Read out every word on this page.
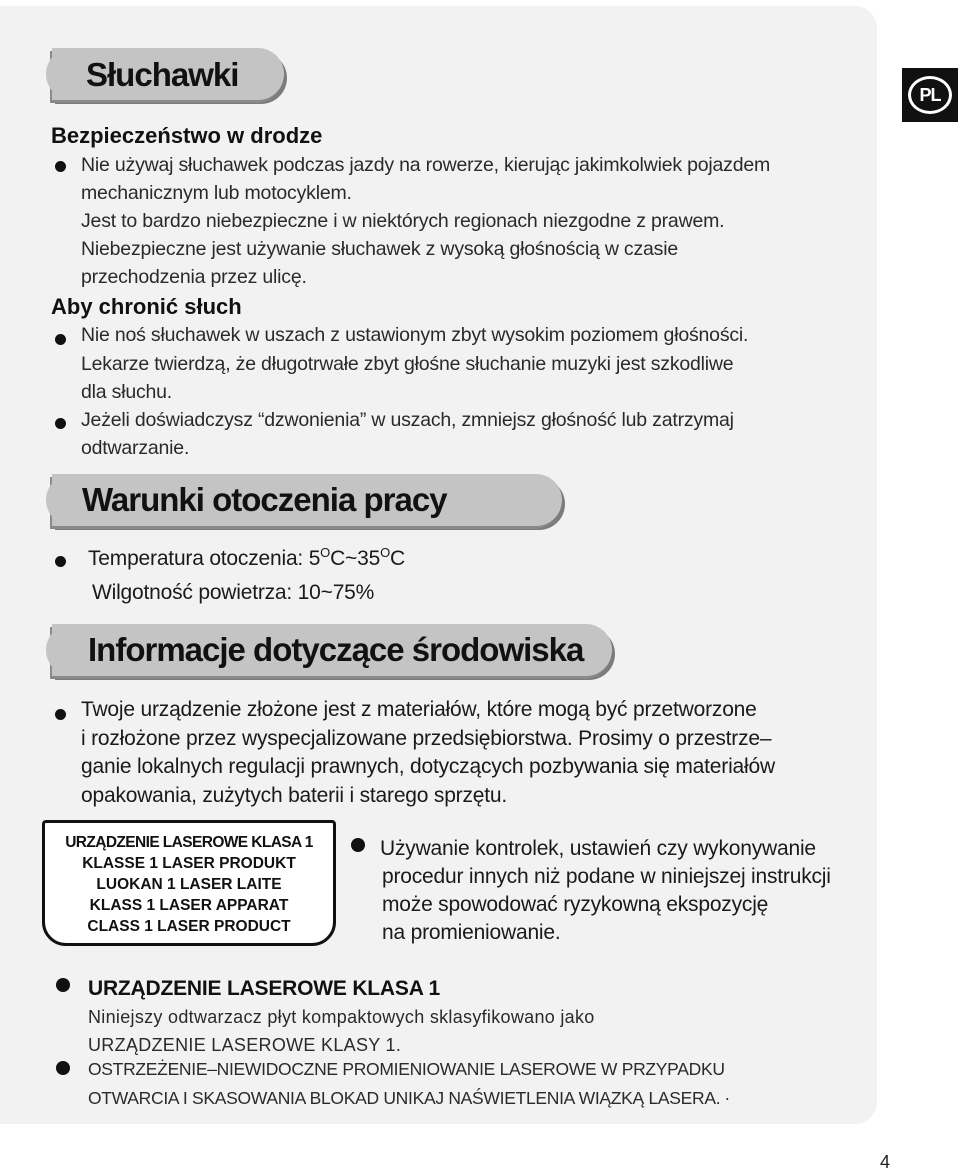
Słuchawki
PL
Bezpieczeństwo w drodze
Nie używaj słuchawek podczas jazdy na rowerze, kierując jakimkolwiek pojazdem
mechanicznym lub motocyklem.
Jest to bardzo niebezpieczne i w niektórych regionach niezgodne z prawem.
Niebezpieczne jest używanie słuchawek z wysoką głośnością w czasie
przechodzenia przez ulicę.
Aby chronić słuch
Nie noś słuchawek w uszach z ustawionym zbyt wysokim poziomem głośności.
Lekarze twierdzą, że długotrwałe zbyt głośne słuchanie muzyki jest szkodliwe
dla słuchu.
Jeżeli doświadczysz “dzwonienia” w uszach, zmniejsz głośność lub zatrzymaj
odtwarzanie.
Warunki otoczenia pracy
Temperatura otoczenia: $5^OC\sim 35^OC$
Wilgotność powietrza: 10~75%
Informacje dotyczące środowiska
Twoje urządzenie złożone jest z materiałów, które mogą być przetworzone
i rozłożone przez wyspecjalizowane przedsiębiorstwa. Prosimy o przestrze–
ganie lokalnych regulacji prawnych, dotyczących pozbywania się materiałów
opakowania, zużytych baterii i starego sprzętu.
URZĄDZENIE LASEROWE KLASA 1
KLASSE 1 LASER PRODUKT
LUOKAN 1 LASER LAITE
KLASS 1 LASER APPARAT
CLASS 1 LASER PRODUCT
Używanie kontrolek, ustawień czy wykonywanie
procedur innych niż podane w niniejszej instrukcji
może spowodować ryzykowną ekspozycję
na promieniowanie.
URZĄDZENIE LASEROWE KLASA 1
Niniejszy odtwarzacz płyt kompaktowych sklasyfikowano jako
URZĄDZENIE LASEROWE KLASY 1.
OSTRZEŻENIE–NIEWIDOCZNE PROMIENIOWANIE LASEROWE W PRZYPADKU
OTWARCIA I SKASOWANIA BLOKAD UNIKAJ NAŚWIETLENIA WIĄZKĄ LASERA. ·
4
